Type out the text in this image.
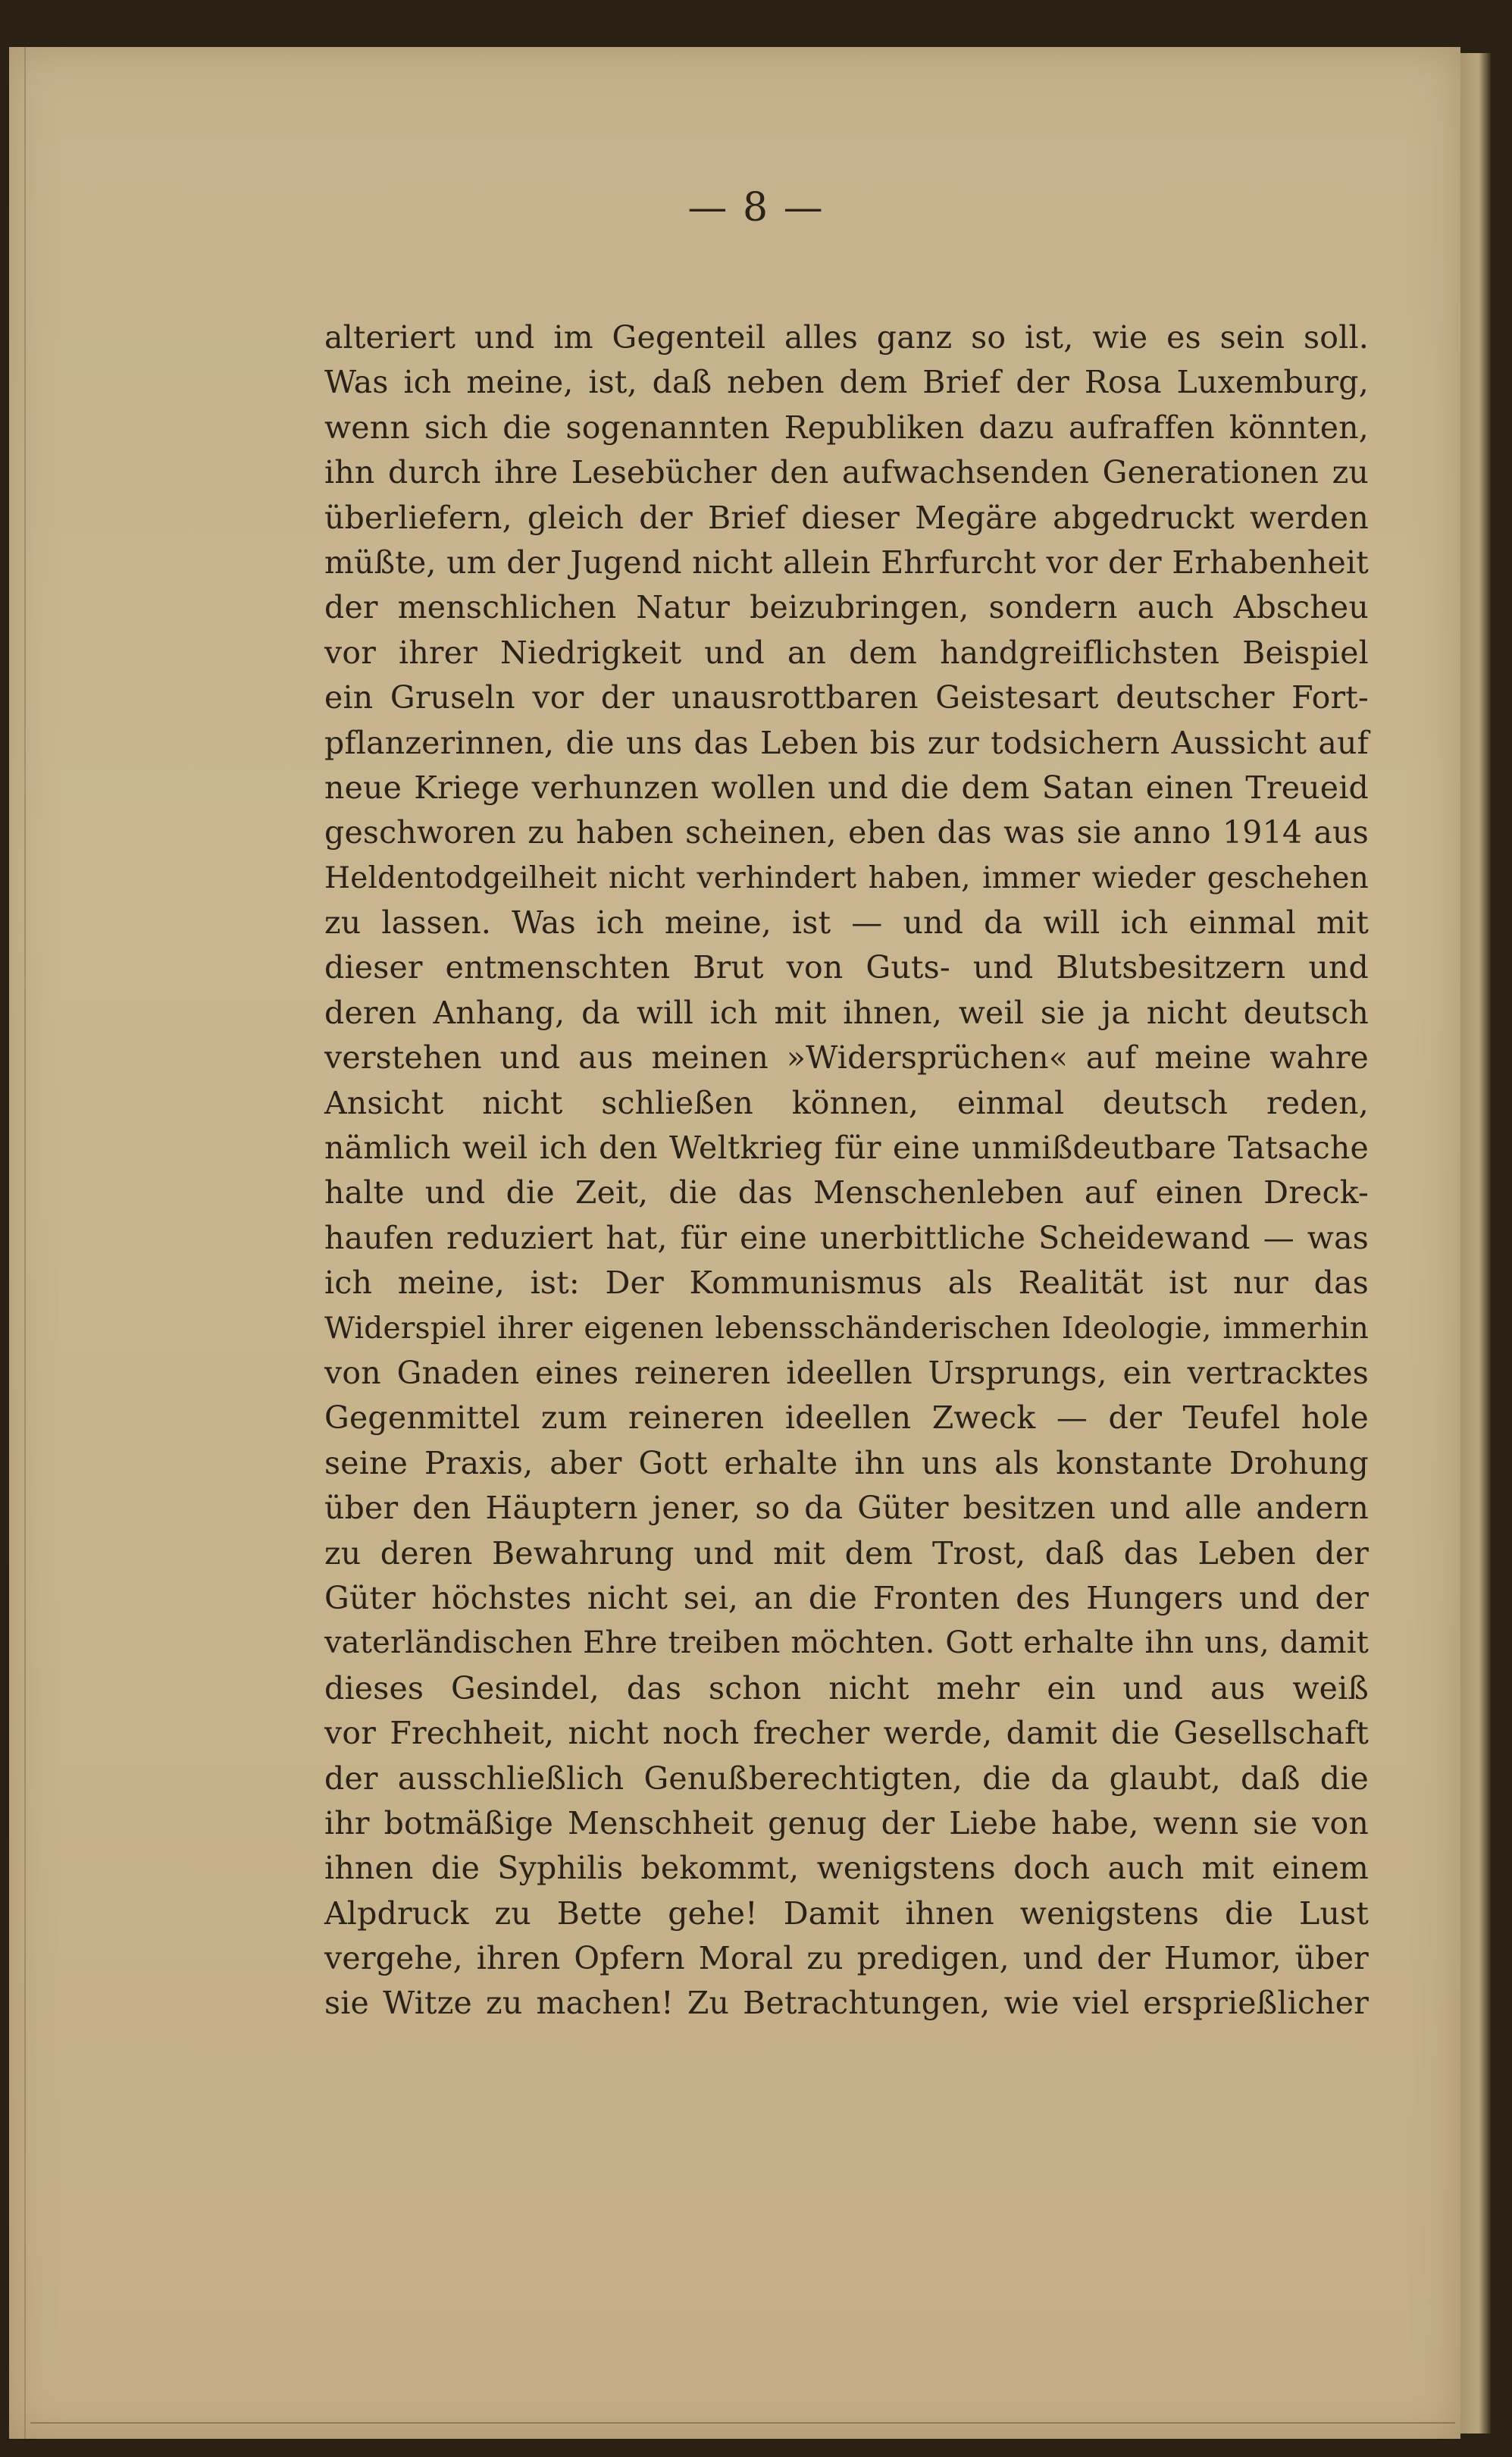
— 8 —

alteriert und im Gegenteil alles ganz so ist, wie es sein soll.
Was ich meine, ist, daß neben dem Brief der Rosa Luxemburg,
wenn sich die sogenannten Republiken dazu aufraffen könnten,
ihn durch ihre Lesebücher den aufwachsenden Generationen zu
überliefern, gleich der Brief dieser Megäre abgedruckt werden
müßte, um der Jugend nicht allein Ehrfurcht vor der Erhabenheit
der menschlichen Natur beizubringen, sondern auch Abscheu
vor ihrer Niedrigkeit und an dem handgreiflichsten Beispiel
ein Gruseln vor der unausrottbaren Geistesart deutscher Fort-
pflanzerinnen, die uns das Leben bis zur todsichern Aussicht auf
neue Kriege verhunzen wollen und die dem Satan einen Treueid
geschworen zu haben scheinen, eben das was sie anno 1914 aus
Heldentodgeilheit nicht verhindert haben, immer wieder geschehen
zu lassen. Was ich meine, ist — und da will ich einmal mit
dieser entmenschten Brut von Guts- und Blutsbesitzern und
deren Anhang, da will ich mit ihnen, weil sie ja nicht deutsch
verstehen und aus meinen »Widersprüchen« auf meine wahre
Ansicht nicht schließen können, einmal deutsch reden,
nämlich weil ich den Weltkrieg für eine unmißdeutbare Tatsache
halte und die Zeit, die das Menschenleben auf einen Dreck-
haufen reduziert hat, für eine unerbittliche Scheidewand — was
ich meine, ist: Der Kommunismus als Realität ist nur das
Widerspiel ihrer eigenen lebensschänderischen Ideologie, immerhin
von Gnaden eines reineren ideellen Ursprungs, ein vertracktes
Gegenmittel zum reineren ideellen Zweck — der Teufel hole
seine Praxis, aber Gott erhalte ihn uns als konstante Drohung
über den Häuptern jener, so da Güter besitzen und alle andern
zu deren Bewahrung und mit dem Trost, daß das Leben der
Güter höchstes nicht sei, an die Fronten des Hungers und der
vaterländischen Ehre treiben möchten. Gott erhalte ihn uns, damit
dieses Gesindel, das schon nicht mehr ein und aus weiß
vor Frechheit, nicht noch frecher werde, damit die Gesellschaft
der ausschließlich Genußberechtigten, die da glaubt, daß die
ihr botmäßige Menschheit genug der Liebe habe, wenn sie von
ihnen die Syphilis bekommt, wenigstens doch auch mit einem
Alpdruck zu Bette gehe! Damit ihnen wenigstens die Lust
vergehe, ihren Opfern Moral zu predigen, und der Humor, über
sie Witze zu machen! Zu Betrachtungen, wie viel ersprießlicher
